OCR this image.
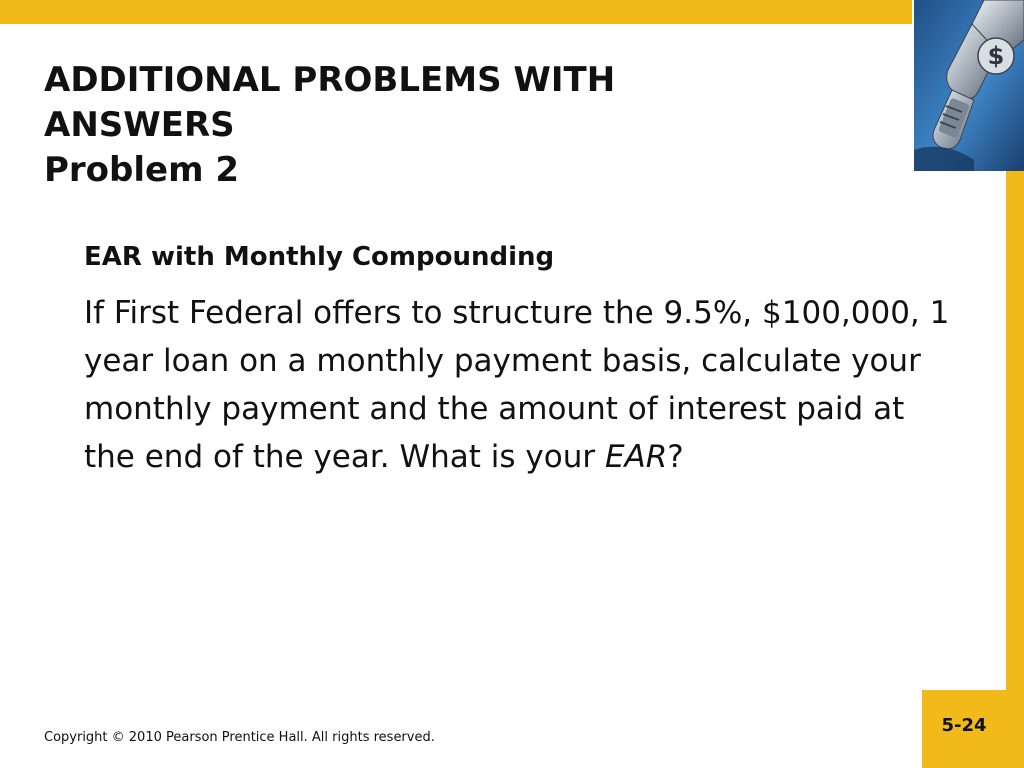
$
ADDITIONAL PROBLEMS WITH
ANSWERS
Problem 2
EAR with Monthly Compounding

If First Federal offers to structure the 9.5%, $100,000, 1 year loan on a monthly payment basis, calculate your monthly payment and the amount of interest paid at  the end of the year. What is your EAR?

Copyright © 2010 Pearson Prentice Hall. All rights reserved.
5-24
